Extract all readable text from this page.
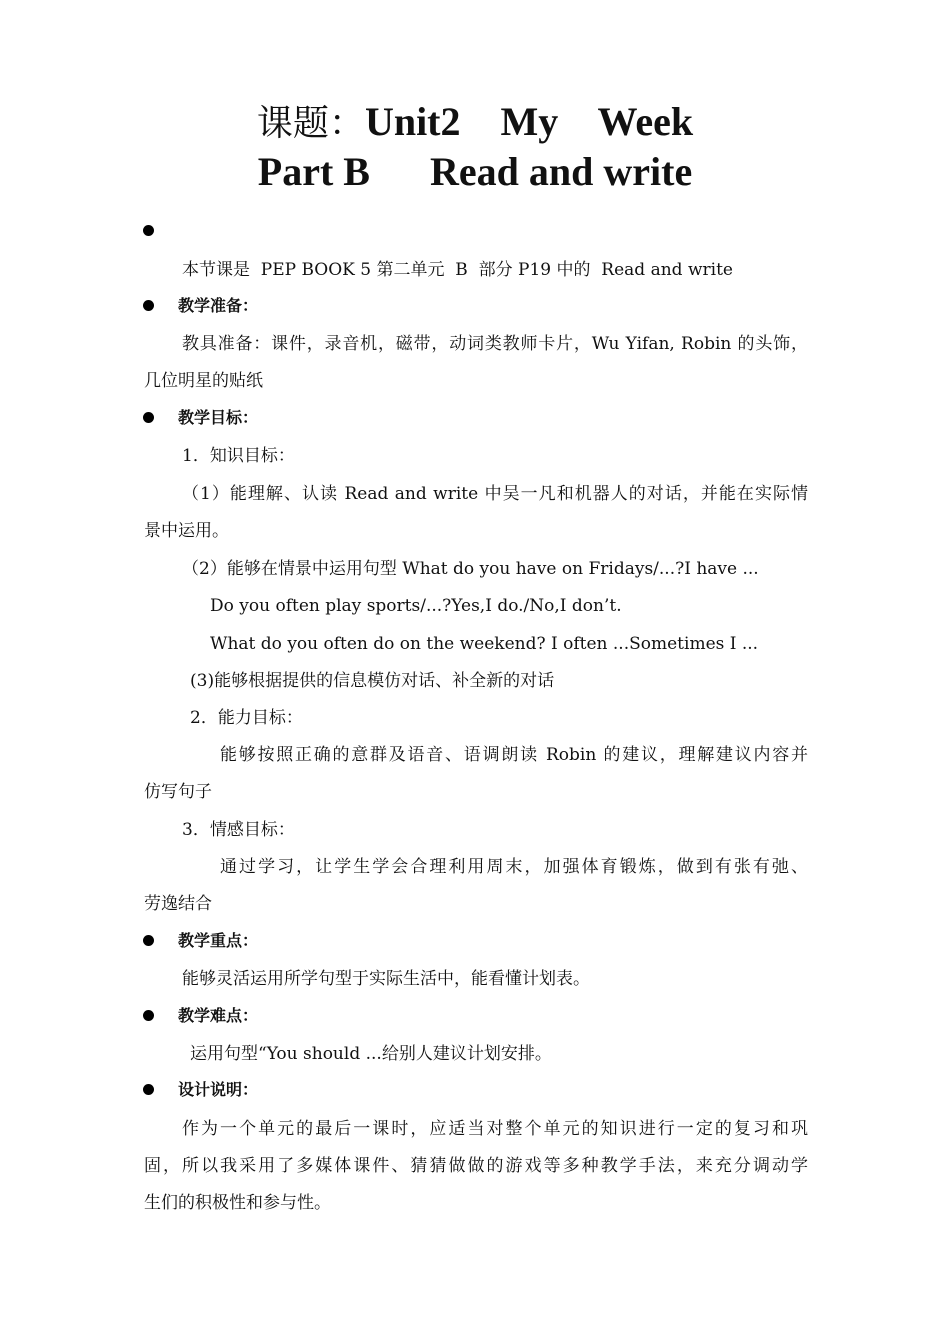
课题：Unit2    My    Week
Part B      Read and write
本节课是  PEP BOOK 5 第二单元  B  部分 P19 中的  Read and write
教学准备：
教具准备：课件，录音机，磁带，动词类教师卡片，Wu Yifan, Robin 的头饰，
几位明星的贴纸
教学目标：
1．知识目标：
（1）能理解、认读 Read and write 中吴一凡和机器人的对话，并能在实际情
景中运用。
（2）能够在情景中运用句型 What do you have on Fridays/...?I have ...
Do you often play sports/...?Yes,I do./No,I don’t.
What do you often do on the weekend? I often ...Sometimes I ...
(3)能够根据提供的信息模仿对话、补全新的对话
2．能力目标：
能够按照正确的意群及语音、语调朗读 Robin 的建议，理解建议内容并
仿写句子
3．情感目标：
通过学习，让学生学会合理利用周末，加强体育锻炼，做到有张有弛、
劳逸结合
教学重点：
能够灵活运用所学句型于实际生活中，能看懂计划表。
教学难点：
运用句型“You should ...给别人建议计划安排。
设计说明：
作为一个单元的最后一课时，应适当对整个单元的知识进行一定的复习和巩
固，所以我采用了多媒体课件、猜猜做做的游戏等多种教学手法，来充分调动学
生们的积极性和参与性。
